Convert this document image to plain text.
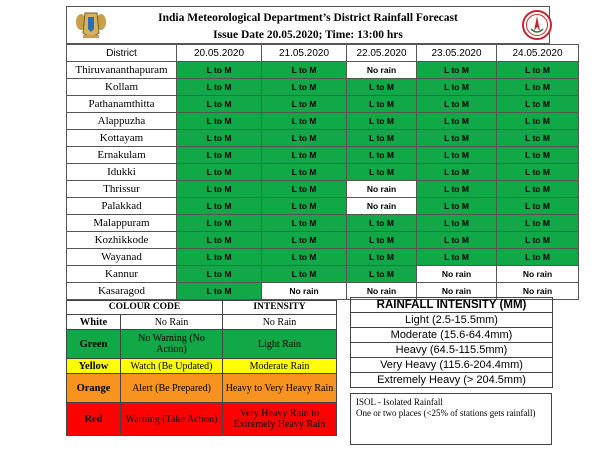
India Meteorological Department’s District Rainfall Forecast
Issue Date 20.05.2020; Time: 13:00 hrs
District	20.05.2020	21.05.2020	22.05.2020	23.05.2020	24.05.2020
Thiruvananthapuram	L to M	L to M	No rain	L to M	L to M
Kollam	L to M	L to M	L to M	L to M	L to M
Pathanamthitta	L to M	L to M	L to M	L to M	L to M
Alappuzha	L to M	L to M	L to M	L to M	L to M
Kottayam	L to M	L to M	L to M	L to M	L to M
Ernakulam	L to M	L to M	L to M	L to M	L to M
Idukki	L to M	L to M	L to M	L to M	L to M
Thrissur	L to M	L to M	No rain	L to M	L to M
Palakkad	L to M	L to M	No rain	L to M	L to M
Malappuram	L to M	L to M	L to M	L to M	L to M
Kozhikkode	L to M	L to M	L to M	L to M	L to M
Wayanad	L to M	L to M	L to M	L to M	L to M
Kannur	L to M	L to M	L to M	No rain	No rain
Kasaragod	L to M	No rain	No rain	No rain	No rain
COLOUR CODE		INTENSITY
White	No Rain	No Rain
Green	No Warning (No Action)	Light Rain
Yellow	Watch (Be Updated)	Moderate Rain
Orange	Alert (Be Prepared)	Heavy to Very Heavy Rain
Red	Warning (Take Action)	Very Heavy Rain to Extremely Heavy Rain
RAINFALL INTENSITY (MM)
Light (2.5-15.5mm)
Moderate (15.6-64.4mm)
Heavy (64.5-115.5mm)
Very Heavy (115.6-204.4mm)
Extremely Heavy (> 204.5mm)
ISOL - Isolated Rainfall
One or two places (<25% of stations gets rainfall)
